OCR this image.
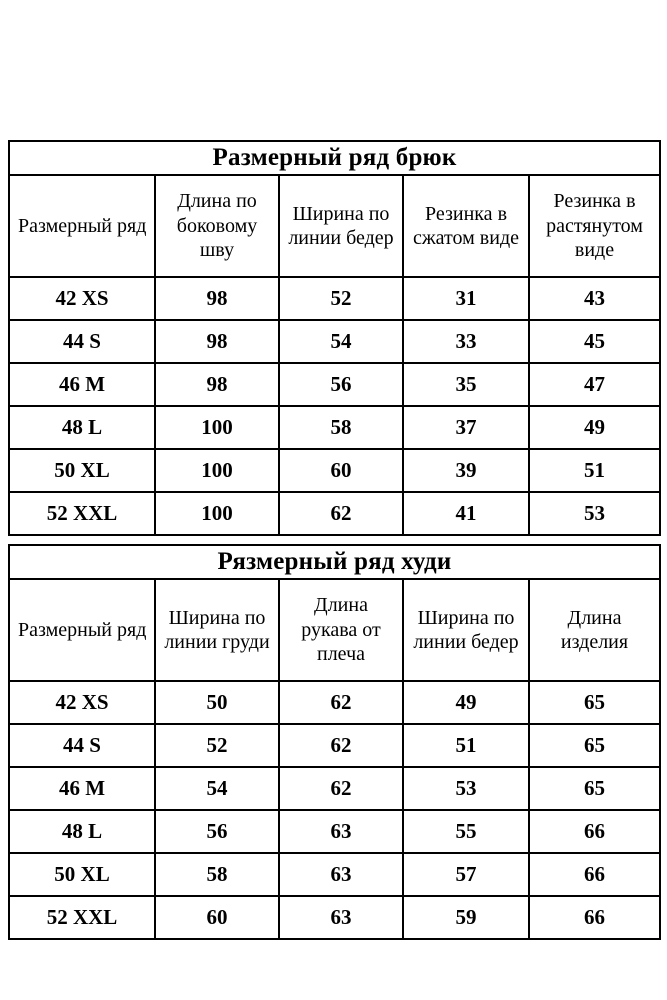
Размерный ряд брюк				
Размерный ряд	Длина по боковому шву	Ширина по линии бедер	Резинка в сжатом виде	Резинка в растянутом виде
42 XS	98	52	31	43
44 S	98	54	33	45
46 M	98	56	35	47
48 L	100	58	37	49
50 XL	100	60	39	51
52 XXL	100	62	41	53
Рязмерный ряд худи				
Размерный ряд	Ширина по линии груди	Длина рукава от плеча	Ширина по линии бедер	Длина изделия
42 XS	50	62	49	65
44 S	52	62	51	65
46 M	54	62	53	65
48 L	56	63	55	66
50 XL	58	63	57	66
52 XXL	60	63	59	66
